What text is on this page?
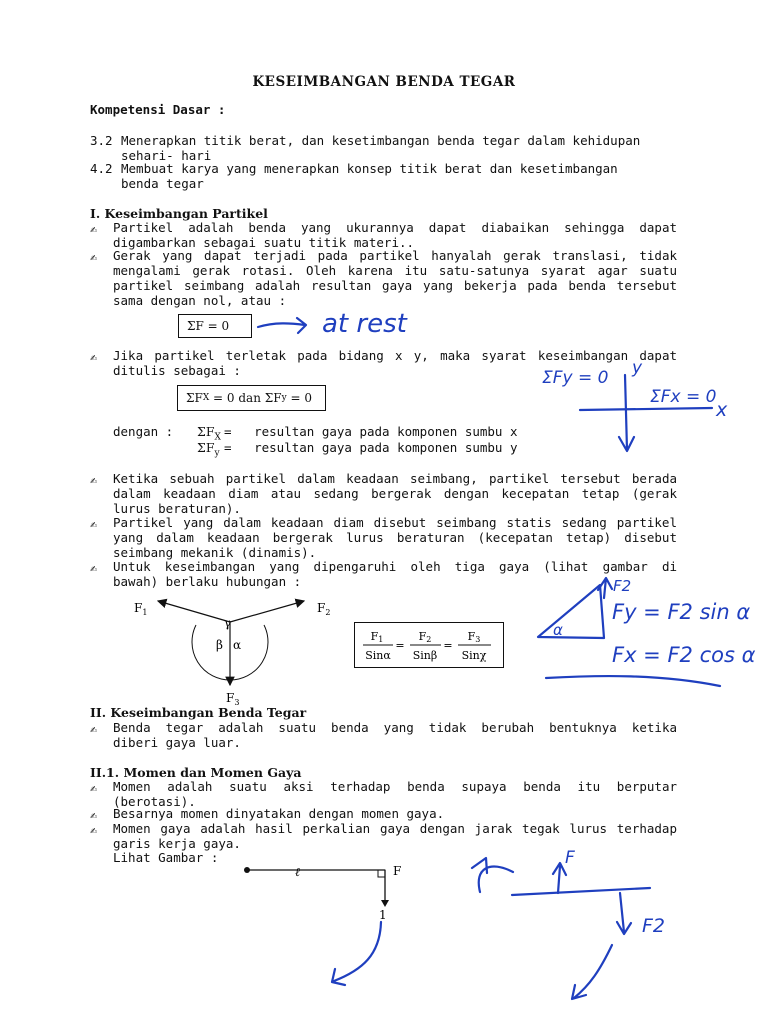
KESEIMBANGAN BENDA TEGAR
Kompetensi Dasar :
3.2 Menerapkan titik berat, dan kesetimbangan benda tegar dalam kehidupan
sehari- hari
4.2 Membuat karya yang menerapkan konsep titik berat dan kesetimbangan
benda tegar
I. Keseimbangan Partikel
✍	Partikel adalah benda yang ukurannya dapat diabaikan sehingga dapat
digambarkan sebagai suatu titik materi..
✍	Gerak yang dapat terjadi pada partikel hanyalah gerak translasi, tidak
mengalami gerak rotasi. Oleh karena itu satu-satunya syarat agar suatu
partikel seimbang adalah resultan gaya yang bekerja pada benda tersebut
sama dengan nol, atau :
ΣF = 0
✍	Jika partikel terletak pada bidang x y, maka syarat keseimbangan dapat
ditulis sebagai :
ΣF X = 0 dan ΣF y = 0
dengan : $\Sigma F_X$ =   resultan gaya pada komponen sumbu x
$\Sigma F_y$ =   resultan gaya pada komponen sumbu y
✍	Ketika sebuah partikel dalam keadaan seimbang, partikel tersebut berada
dalam keadaan diam atau sedang bergerak dengan kecepatan tetap (gerak
lurus beraturan).
✍	Partikel yang dalam keadaan diam disebut seimbang statis sedang partikel
yang dalam keadaan bergerak lurus beraturan (kecepatan tetap) disebut
seimbang mekanik (dinamis).
✍	Untuk keseimbangan yang dipengaruhi oleh tiga gaya (lihat gambar di
bawah) berlaku hubungan :
$F_1$	$F_2$
$F_3$
γ
β α
F1
Sinα
=
F2
Sinβ
=
F3
Sinχ
II. Keseimbangan Benda Tegar
✍	Benda tegar adalah suatu benda yang tidak berubah bentuknya ketika
diberi gaya luar.
II.1. Momen dan Momen Gaya
✍	Momen adalah suatu aksi terhadap benda supaya benda itu berputar
(berotasi).
✍	Besarnya momen dinyatakan dengan momen gaya.
✍	Momen gaya adalah hasil perkalian gaya dengan jarak tegak lurus terhadap
garis kerja gaya.
Lihat Gambar :
ℓ	F
1
at rest
ΣFy = 0 y
ΣFx = 0
x
F2
α
Fy = F2 sin α
Fx = F2 cos α
F
F2
